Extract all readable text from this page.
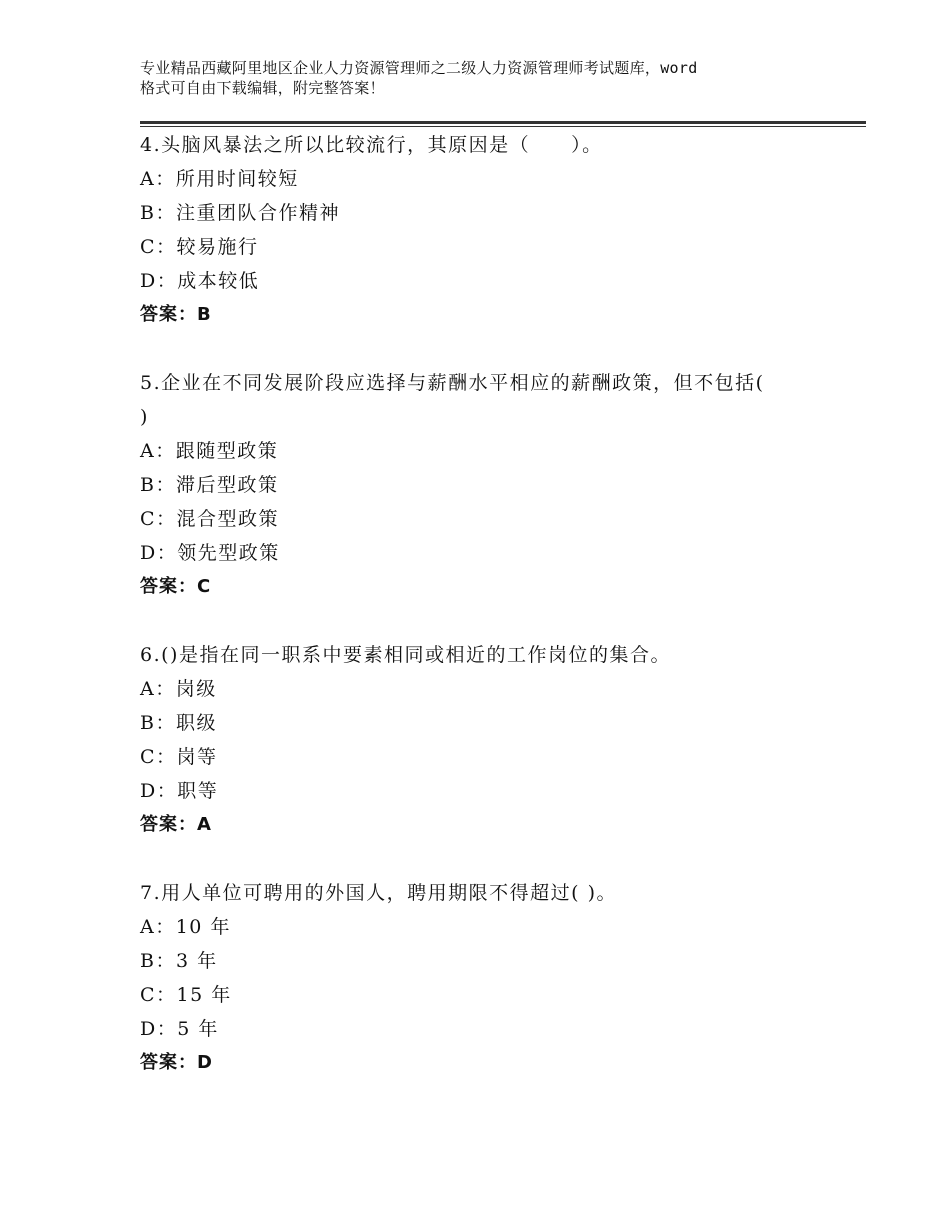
专业精品西藏阿里地区企业人力资源管理师之二级人力资源管理师考试题库，word
格式可自由下载编辑，附完整答案！

4.头脑风暴法之所以比较流行，其原因是（　　）。

A：所用时间较短

B：注重团队合作精神

C：较易施行

D：成本较低

答案：B

5.企业在不同发展阶段应选择与薪酬水平相应的薪酬政策，但不包括(
)

A：跟随型政策

B：滞后型政策

C：混合型政策

D：领先型政策

答案：C

6.()是指在同一职系中要素相同或相近的工作岗位的集合。

A：岗级

B：职级

C：岗等

D：职等

答案：A

7.用人单位可聘用的外国人，聘用期限不得超过( )。

A：10 年

B：3 年

C：15 年

D：5 年

答案：D
